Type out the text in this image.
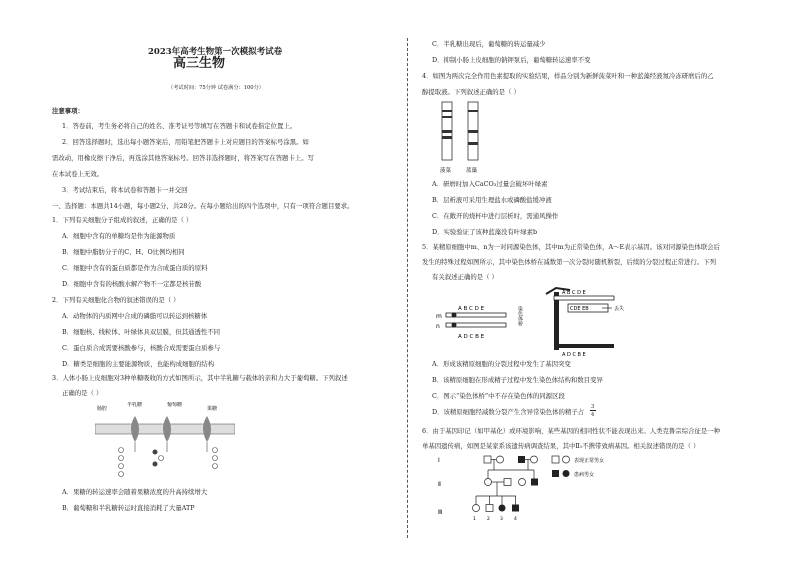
2023年高考生物第一次模拟考试卷
高三生物
（考试时间：75分钟 试卷满分：100分）
注意事项：
1．答卷前，考生务必将自己的姓名、准考证号等填写在答题卡和试卷指定位置上。
2．回答选择题时，选出每小题答案后，用铅笔把答题卡上对应题目的答案标号涂黑。如
需改动，用橡皮擦干净后，再选涂其他答案标号。回答非选择题时，将答案写在答题卡上。写
在本试卷上无效。
3．考试结束后，将本试卷和答题卡一并交回
一、选择题：本题共14小题，每小题2分，共28分。在每小题给出的四个选项中，只有一项符合题目要求。
1．下列有关细胞分子组成的叙述，正确的是（ ）
A．细胞中含有的单糖均是作为能源物质
B．细胞中脂肪分子的C、H、O比例均相同
C．细胞中含有的蛋白质都是作为合成蛋白质的原料
D．细胞中含有的核酸水解产物不一定都是核苷酸
2．下列有关细胞化合物的叙述错误的是（ ）
A．动物体的内质网中合成的磷脂可以转运到核糖体
B．细胞核、线粒体、叶绿体具双层膜，但其通透性不同
C．蛋白质合成需要核酸参与，核酸合成需要蛋白质参与
D．糖类是细胞的主要能源物质，也能构成细胞的结构
3．人体小肠上皮细胞对3种单糖吸收的方式如图所示，其中半乳糖与载体的亲和力大于葡萄糖。下列叙述
正确的是（ ）
肠腔
半乳糖	葡萄糖
果糖
A．果糖的转运速率会随着果糖浓度的升高持续增大
B．葡萄糖和半乳糖转运时直接消耗了大量ATP
C．半乳糖出现后，葡萄糖的转运量减少
D．抑制小肠上皮细胞的钠钾泵后，葡萄糖转运速率不变
4．如图为两次完全作用色素提取的实验结果，样品分别为新鲜菠菜叶和一种蓝藻经液氮冷冻研磨后的乙
醇提取液。下列叙述正确的是（ ）
菠菜	蓝藻
A．研磨时加入CaCO₃过量会破坏叶绿素
B．层析液可采用生理盐水或磷酸盐缓冲液
C．在敞开的烧杯中进行层析时，需通风操作
D．实验验证了该种蓝藻没有叶绿素b
5．某精原细胞中m、n为一对同源染色体，其中m为正常染色体，A～E表示基因。该对同源染色体联会后
发生的特殊过程如图所示，其中染色体桥在减数第一次分裂时随机断裂，后续的分裂过程正常进行。下列
有关叙述正确的是（ ）
m
n
A B C D E
A D C B E
染色体桥	CDE EB
A B C D E
A D C B E
丢失
A．形成该精原细胞的分裂过程中发生了基因突变
B．该精原细胞在形成精子过程中发生染色体结构和数目变异
C．图示“染色体桥”中不存在染色体的同源区段
D．该精原细胞经减数分裂产生含异常染色体的精子占
3
4
6．由于基因印记（如甲基化）或环境影响，某些基因的相同性状不能表现出来。人类克鲁宗综合征是一种
单基因遗传病，如图是某家系该遗传病调查结果，其中Ⅱ₁不携带致病基因。相关叙述错误的是（ ）
Ⅰ
Ⅱ
Ⅲ
1 2 3 4
表现正常男女
患病男女
